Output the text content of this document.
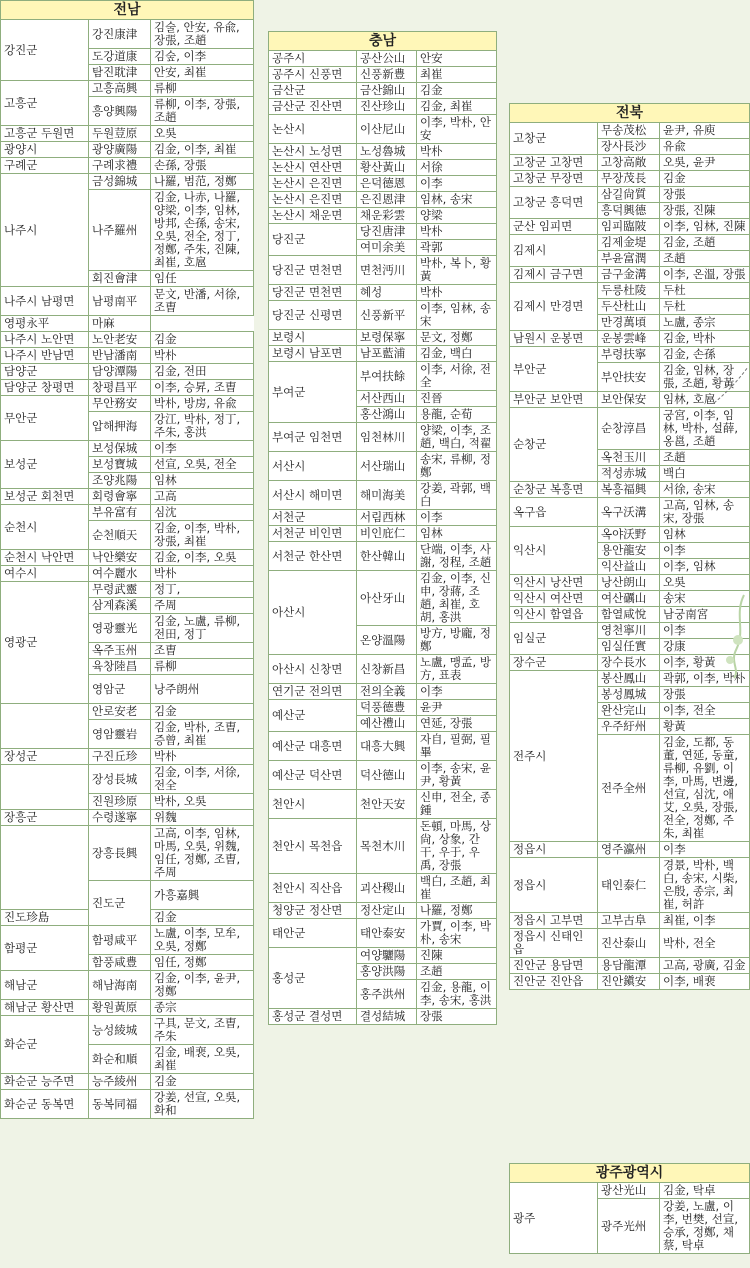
전남			
강진군	강진康津	김술, 안安, 유兪, 장張, 조趙	
	도강道康	김숲, 이李	
	탐진耽津	안安, 최崔	
고흥군	고흥高興	류柳	
	흥양興陽	류柳, 이李, 장張, 조趙	
고흥군 두원면	두원荳原	오吳	
광양시	광양廣陽	김金, 이李, 최崔	
구례군	구례求禮	손孫, 장張	
나주시	금성錦城	나羅, 범范, 정鄭	
	나주羅州	김金, 나赤, 나羅, 양梁, 이李, 임林, 방邦, 손孫, 송宋, 오吳, 전全, 정丁, 정鄭, 주朱, 진陳, 최崔, 호扈	
	회진會津	임任	
나주시 남평면	남평南平	문文, 반潘, 서徐, 조曺	
영평永平	마麻		
나주시 노안면	노안老安	김金	
나주시 반남면	반남潘南	박朴	
담양군	담양潭陽	김金, 전田	
담양군 창평면	창평昌平	이李, 승昇, 조曺	
무안군	무안務安	박朴, 방房, 유兪	
	압해押海	강江, 박朴, 정丁, 주朱, 홍洪	
보성군	보성保城	이李	
	보성寶城	선宣, 오吳, 전全	
	조양兆陽	임林	
보성군 회천면	회령會寧	고高	
순천시	부유富有	심沈	
	순천順天	김金, 이李, 박朴, 장張, 최崔	
순천시 낙안면	낙안樂安	김金, 이李, 오吳	
여수시	여수麗水	박朴	
영광군	무령武靈	정丁,	
	삼계森溪	주周	
	영광靈光	김金, 노盧, 류柳, 전田, 정丁	
	옥주玉州	조曺	
	육창陸昌	류柳	
	영암군	낭주朗州	
	안로安老	김金	
	영암靈岩	김金, 박朴, 조曺, 증曾, 최崔	
장성군	구진丘珍	박朴	
	장성長城	김金, 이李, 서徐, 전全	
	진원珍原	박朴, 오吳	
장흥군	수령遂寧	위魏	
	장흥長興	고高, 이李, 임林, 마馬, 오吳, 위魏, 임任, 정鄭, 조曺, 주周	
	진도군	가흥嘉興	
진도珍島		김金	
함평군	함평咸平	노盧, 이李, 모牟, 오吳, 정鄭	
	함풍咸豊	임任, 정鄭	
해남군	해남海南	김金, 이李, 윤尹, 정鄭	
해남군 황산면	황원黃原	종宗	
화순군	능성綾城	구具, 문文, 조曺, 주朱	
	화순和順	김金, 배裵, 오吳, 최崔	
화순군 능주면	능주綾州	김金	
화순군 동복면	동복同福	강姜, 선宣, 오吳, 화和	
충남		
공주시	공산公山	안安
공주시 신풍면	신풍新豊	최崔
금산군	금산錦山	김金
금산군 진산면	진산珍山	김金, 최崔
논산시	이산尼山	이李, 박朴, 안安
논산시 노성면	노성魯城	박朴
논산시 연산면	황산黃山	서徐
논산시 은진면	은덕德恩	이李
논산시 은진면	은진恩津	임林, 송宋
논산시 채운면	채운彩雲	양梁
당진군	당진唐津	박朴
	여미余美	곽郭
당진군 면천면	면천沔川	박朴, 복卜, 황黃
당진군 면천면	혜성	박朴
당진군 신평면	신풍新平	이李, 임林, 송宋
보령시	보령保寧	문文, 정鄭
보령시 남포면	남포藍浦	김金, 백白
부여군	부여扶餘	이李, 서徐, 전全
	서산西山	진晉
	홍산鴻山	용龍, 순荀
부여군 임천면	임천林川	양梁, 이李, 조趙, 백白, 적翟
서산시	서산瑞山	송宋, 류柳, 정鄭
서산시 해미면	해미海美	강姜, 곽郭, 백白
서천군	서림西林	이李
서천군 비인면	비인庇仁	임林
서천군 한산면	한산韓山	단端, 이李, 사謝, 정程, 조趙
아산시	아산牙山	김金, 이李, 신申, 장蔣, 조趙, 최崔, 호胡, 홍洪
	온양溫陽	방方, 방龐, 정鄭
아산시 신창면	신창新昌	노盧, 맹孟, 방方, 표表
연기군 전의면	전의全義	이李
예산군	덕풍德豊	윤尹
	예산禮山	연延, 장張
예산군 대흥면	대흥大興	자自, 필弼, 필畢
예산군 덕산면	덕산德山	이李, 송宋, 윤尹, 황黃
천안시	천안天安	신申, 전全, 종鍾
천안시 목천읍	목천木川	돈頓, 마馬, 상尙, 상象, 간干, 우于, 우禹, 장張
천안시 직산읍	괴산稷山	백白, 조趙, 최崔
청양군 정산면	정산定山	나羅, 정鄭
태안군	태안泰安	가賈, 이李, 박朴, 송宋
홍성군	여양驪陽	진陳
	홍양洪陽	조趙
	홍주洪州	김金, 용龍, 이李, 송宋, 홍洪
홍성군 결성면	결성結城	장張
전북		
고창군	무송茂松	윤尹, 유庾
	장사長沙	유兪
고창군 고창면	고창高敞	오吳, 윤尹
고창군 무장면	무장茂長	김金
고창군 흥덕면	삼길尙質	장張
	흥덕興德	장張, 진陳
군산 임피면	임피臨陂	이李, 임林, 진陳
김제시	김제金堤	김金, 조趙
	부윤富潤	조趙
김제시 금구면	금구金溝	이李, 온溫, 장張
김제시 만경면	두릉杜陵	두杜
	두산杜山	두杜
	만경萬頃	노盧, 종宗
남원시 운봉면	운봉雲峰	김金, 박朴
부안군	부령扶寧	김金, 손孫
	부안扶安	김金, 임林, 장張, 조趙, 황黃
부안군 보안면	보안保安	임林, 호扈
순창군	순창淳昌	궁宮, 이李, 임林, 박朴, 설薛, 옹邕, 조趙
	옥천玉川	조趙
	적성赤城	백白
순창군 복흥면	복흥福興	서徐, 송宋
옥구읍	옥구沃溝	고高, 임林, 송宋, 장張
익산시	옥야沃野	임林
	용안龍安	이李
	익산益山	이李, 임林
익산시 낭산면	낭산朗山	오吳
익산시 여산면	여산礪山	송宋
익산시 함열읍	함열咸悅	남궁南宮
임실군	영천寧川	이李
	임실任實	강康
장수군	장수長水	이李, 황黃
전주시	봉산鳳山	곽郭, 이李, 박朴
	봉성鳳城	장張
	완산完山	이李, 전全
	우주紆州	황黃
	전주全州	김金, 도都, 동董, 연延, 동童, 류柳, 유劉, 이李, 마馬, 변邊, 선宣, 심沈, 애艾, 오吳, 장張, 전全, 정鄭, 주朱, 최崔
정읍시	영주瀛州	이李
정읍시	태인泰仁	경景, 박朴, 백白, 송宋, 시柴, 은殷, 종宗, 최崔, 허許
정읍시 고부면	고부古阜	최崔, 이李
정읍시 신태인읍	진산泰山	박朴, 전全
진안군 용담면	용담龍潭	고高, 광廣, 김金
진안군 진안읍	진안鎭安	이李, 배裵
광주광역시		
광주	광산光山	김金, 탁卓
	광주光州	강姜, 노盧, 이李, 번樊, 선宣, 승承, 정鄭, 채蔡, 탁卓
